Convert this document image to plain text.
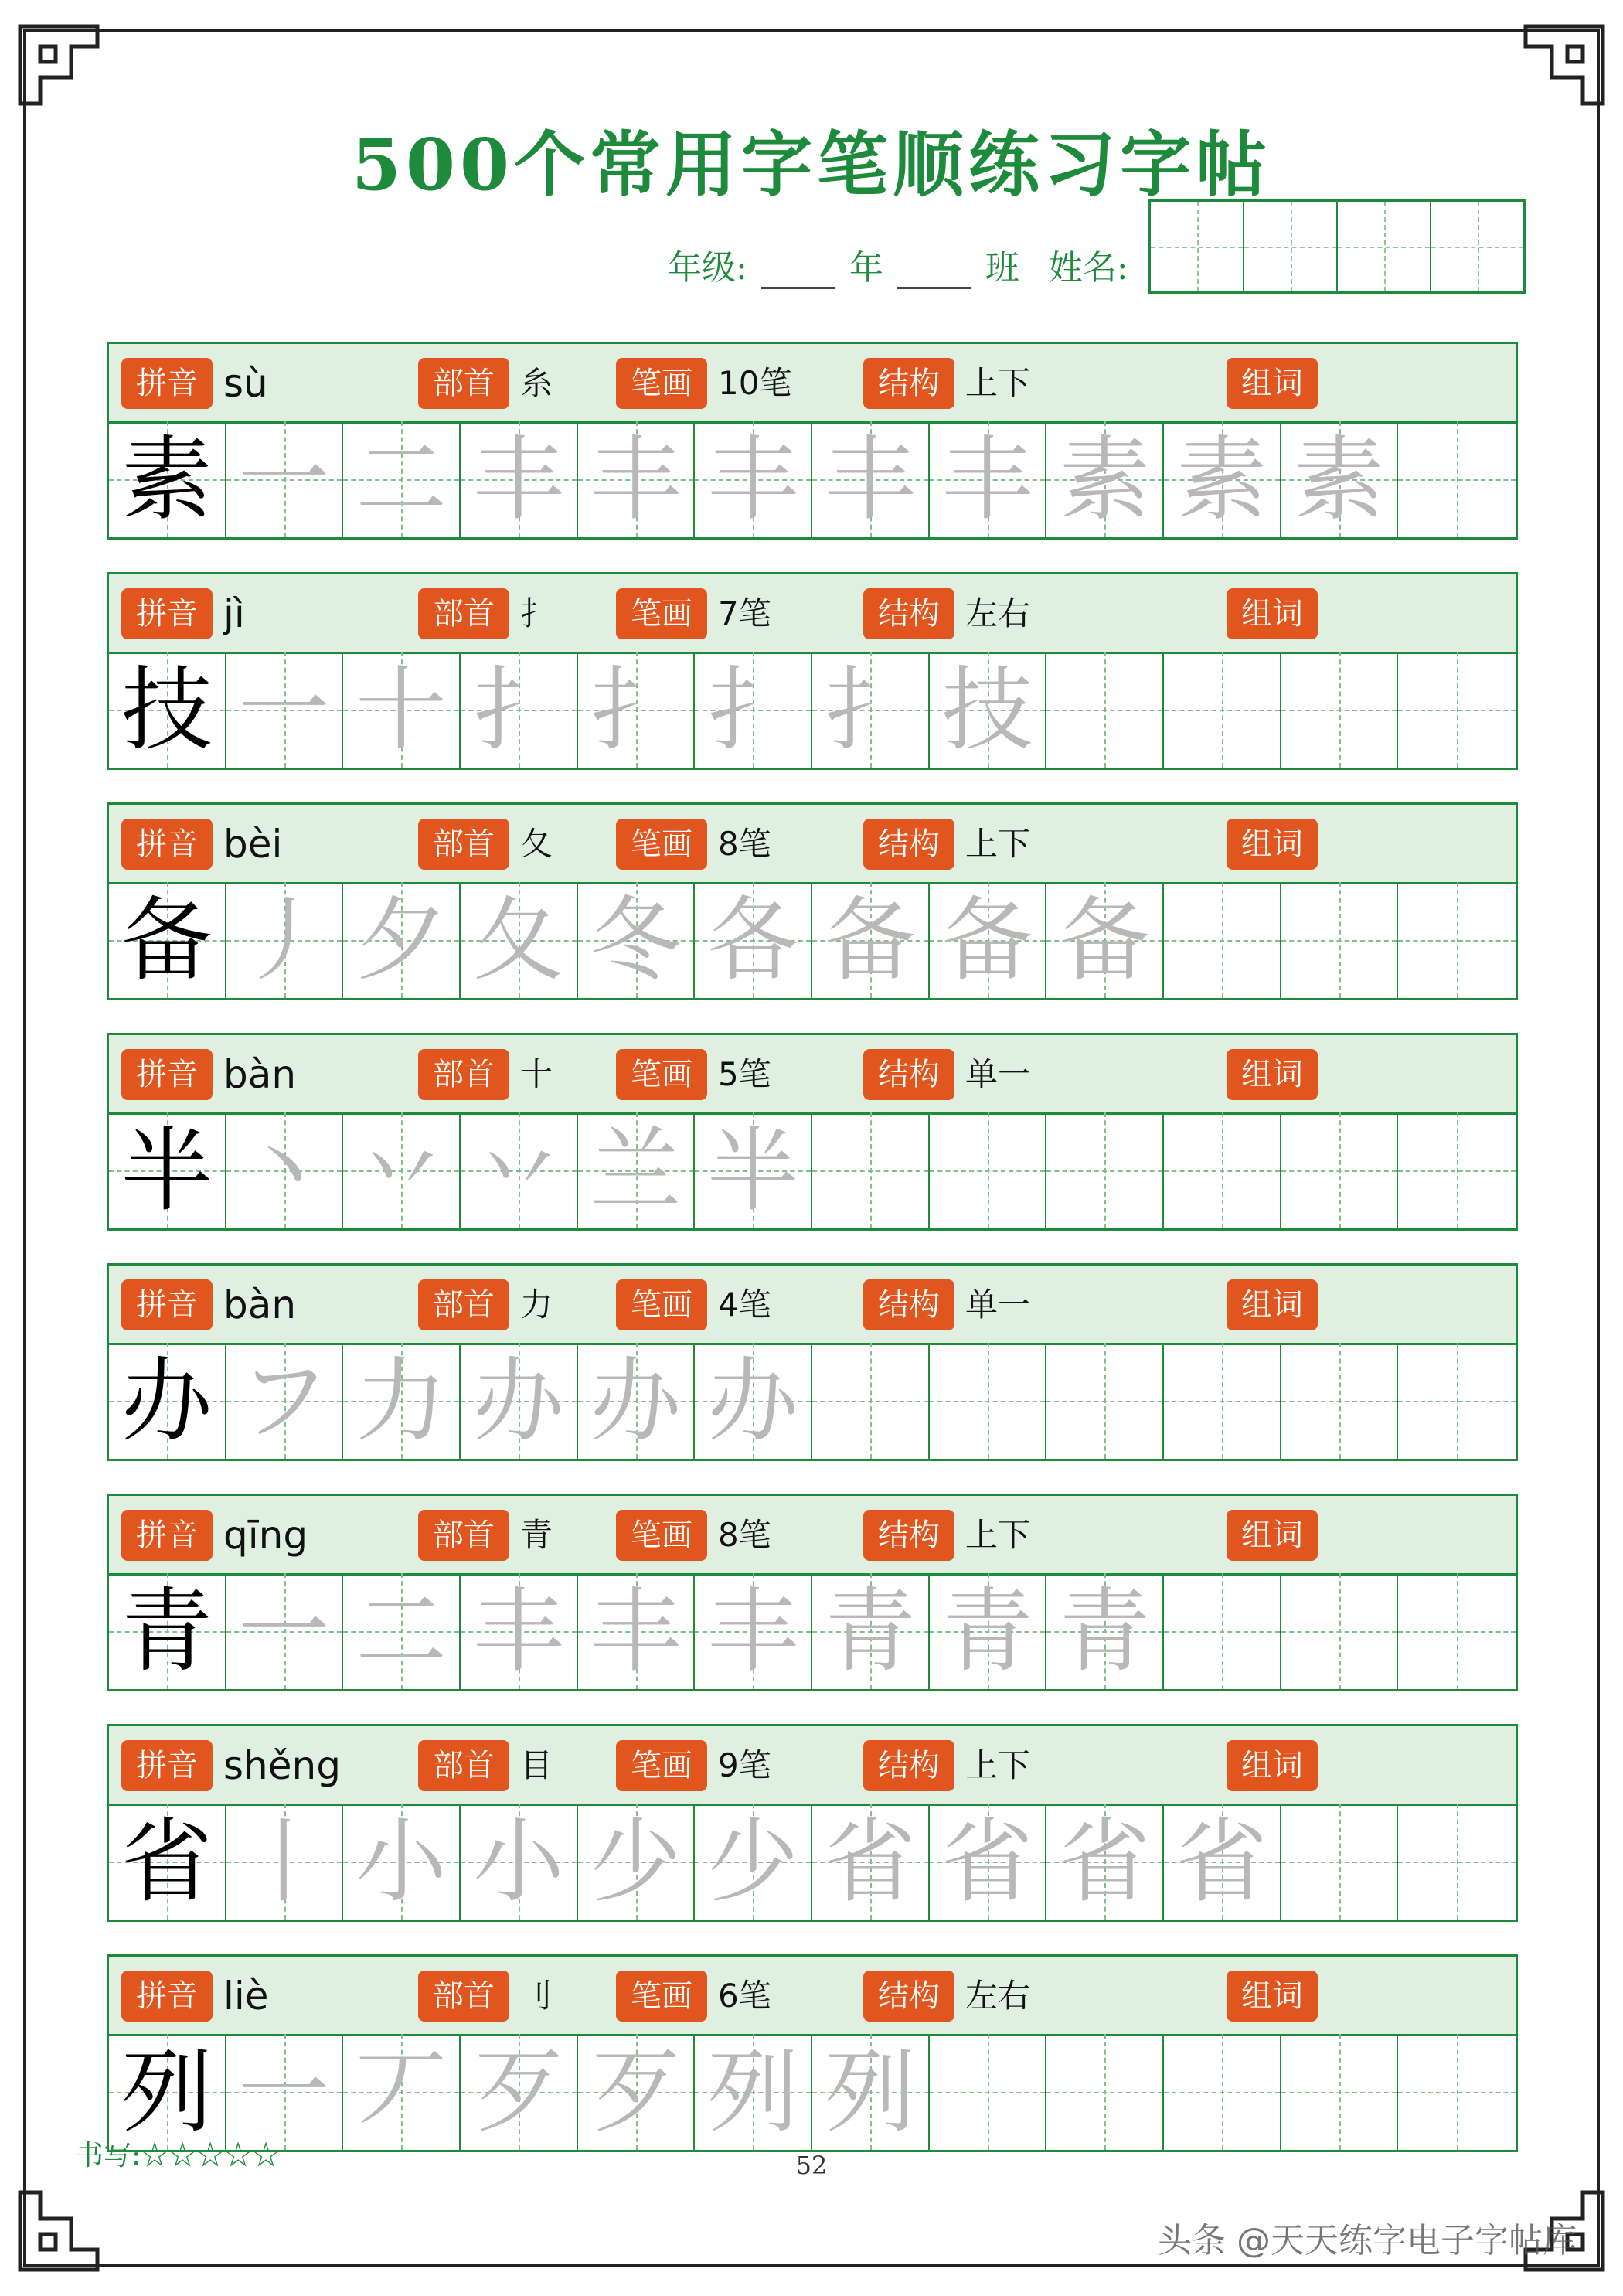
500个常用字笔顺练习字帖
年级:	年	班 姓名:
拼音 sù	部首 糸	笔画 10笔	结构 上下	组词
素 一 二 丰 丰 丰 丰 丰 素 素 素
拼音 jì	部首 扌	笔画 7笔	结构 左右	组词
技 一 十 扌 扌 扌 扌 技
拼音 bèi	部首 夂	笔画 8笔	结构 上下	组词
备 丿 夕 夂 冬 各 备 备 备
拼音 bàn	部首 十	笔画 5笔	结构 单一	组词
半 丶 丷 丷 兰 半
拼音 bàn	部首 力	笔画 4笔	结构 单一	组词
办 フ 力 办 办 办
拼音 qīng	部首 青	笔画 8笔	结构 上下	组词
青 一 二 丰 丰 丰 青 青 青
拼音 shěng	部首 目	笔画 9笔	结构 上下	组词
省 丨 小 小 少 少 省 省 省 省
拼音 liè	部首 刂	笔画 6笔	结构 左右	组词
列 一 丆 歹 歹 列 列
书写:☆☆☆☆☆	52
头条 @天天练字电子字帖库
